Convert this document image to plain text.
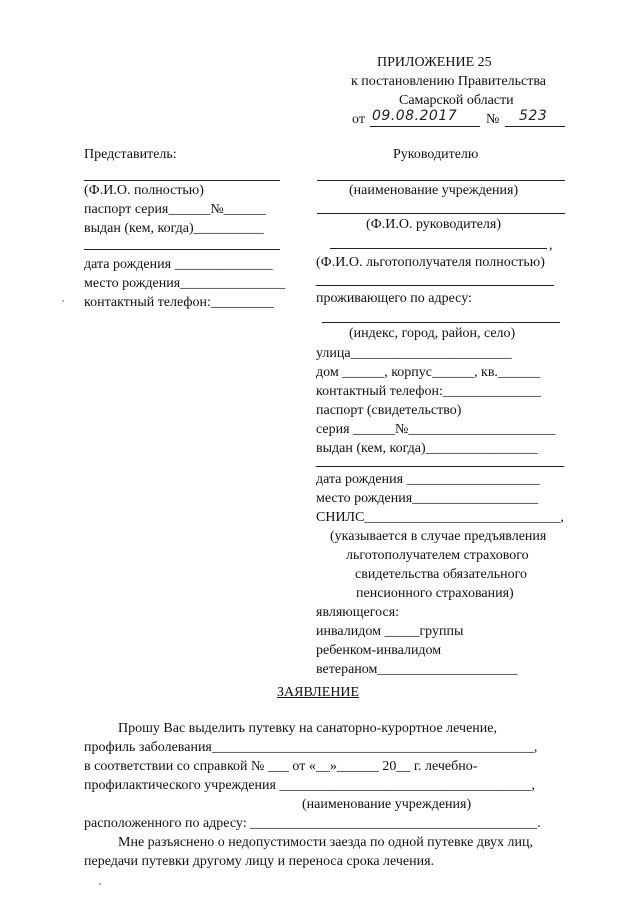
ПРИЛОЖЕНИЕ 25
к постановлению Правительства
Самарской области
от 09.08.2017 № 523
Представитель:
(Ф.И.О. полностью)
паспорт серия______№______
выдан (кем, когда)__________
дата рождения ______________
место рождения_______________
контактный телефон:_________
Руководителю
(наименование учреждения)
(Ф.И.О. руководителя)
,
(Ф.И.О. льготополучателя полностью)
проживающего по адресу:
(индекс, город, район, село)
улица_______________________
дом ______, корпус______, кв.______
контактный телефон:______________
паспорт (свидетельство)
серия ______№_____________________
выдан (кем, когда)________________
дата рождения ___________________
место рождения__________________
СНИЛС____________________________,
(указывается в случае предъявления
льготополучателем страхового
свидетельства обязательного
пенсионного страхования)
являющегося:
инвалидом _____группы
ребенком-инвалидом
ветераном____________________
ЗАЯВЛЕНИЕ
Прошу Вас выделить путевку на санаторно-курортное лечение,
профиль заболевания______________________________________________,
в соответствии со справкой № ___ от «__»______ 20__ г. лечебно-
профилактического учреждения ____________________________________,
(наименование учреждения)
расположенного по адресу: _________________________________________.
Мне разъяснено о недопустимости заезда по одной путевке двух лиц,
передачи путевки другому лицу и переноса срока лечения.
